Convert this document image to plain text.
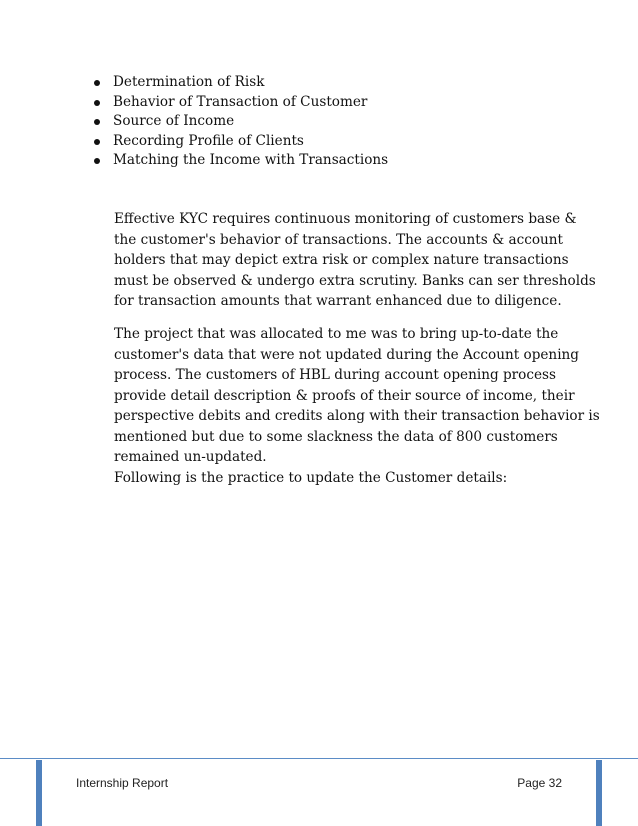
Determination of Risk
Behavior of Transaction of Customer
Source of Income
Recording Profile of Clients
Matching the Income with Transactions

Effective KYC requires continuous monitoring of customers base &
the customer's behavior of transactions. The accounts & account
holders that may depict extra risk or complex nature transactions
must be observed & undergo extra scrutiny. Banks can ser thresholds
for transaction amounts that warrant enhanced due to diligence.

The project that was allocated to me was to bring up-to-date the
customer's data that were not updated during the Account opening
process. The customers of HBL during account opening process
provide detail description & proofs of their source of income, their
perspective debits and credits along with their transaction behavior is
mentioned but due to some slackness the data of 800 customers
remained un-updated.
Following is the practice to update the Customer details:

Internship Report	Page 32
